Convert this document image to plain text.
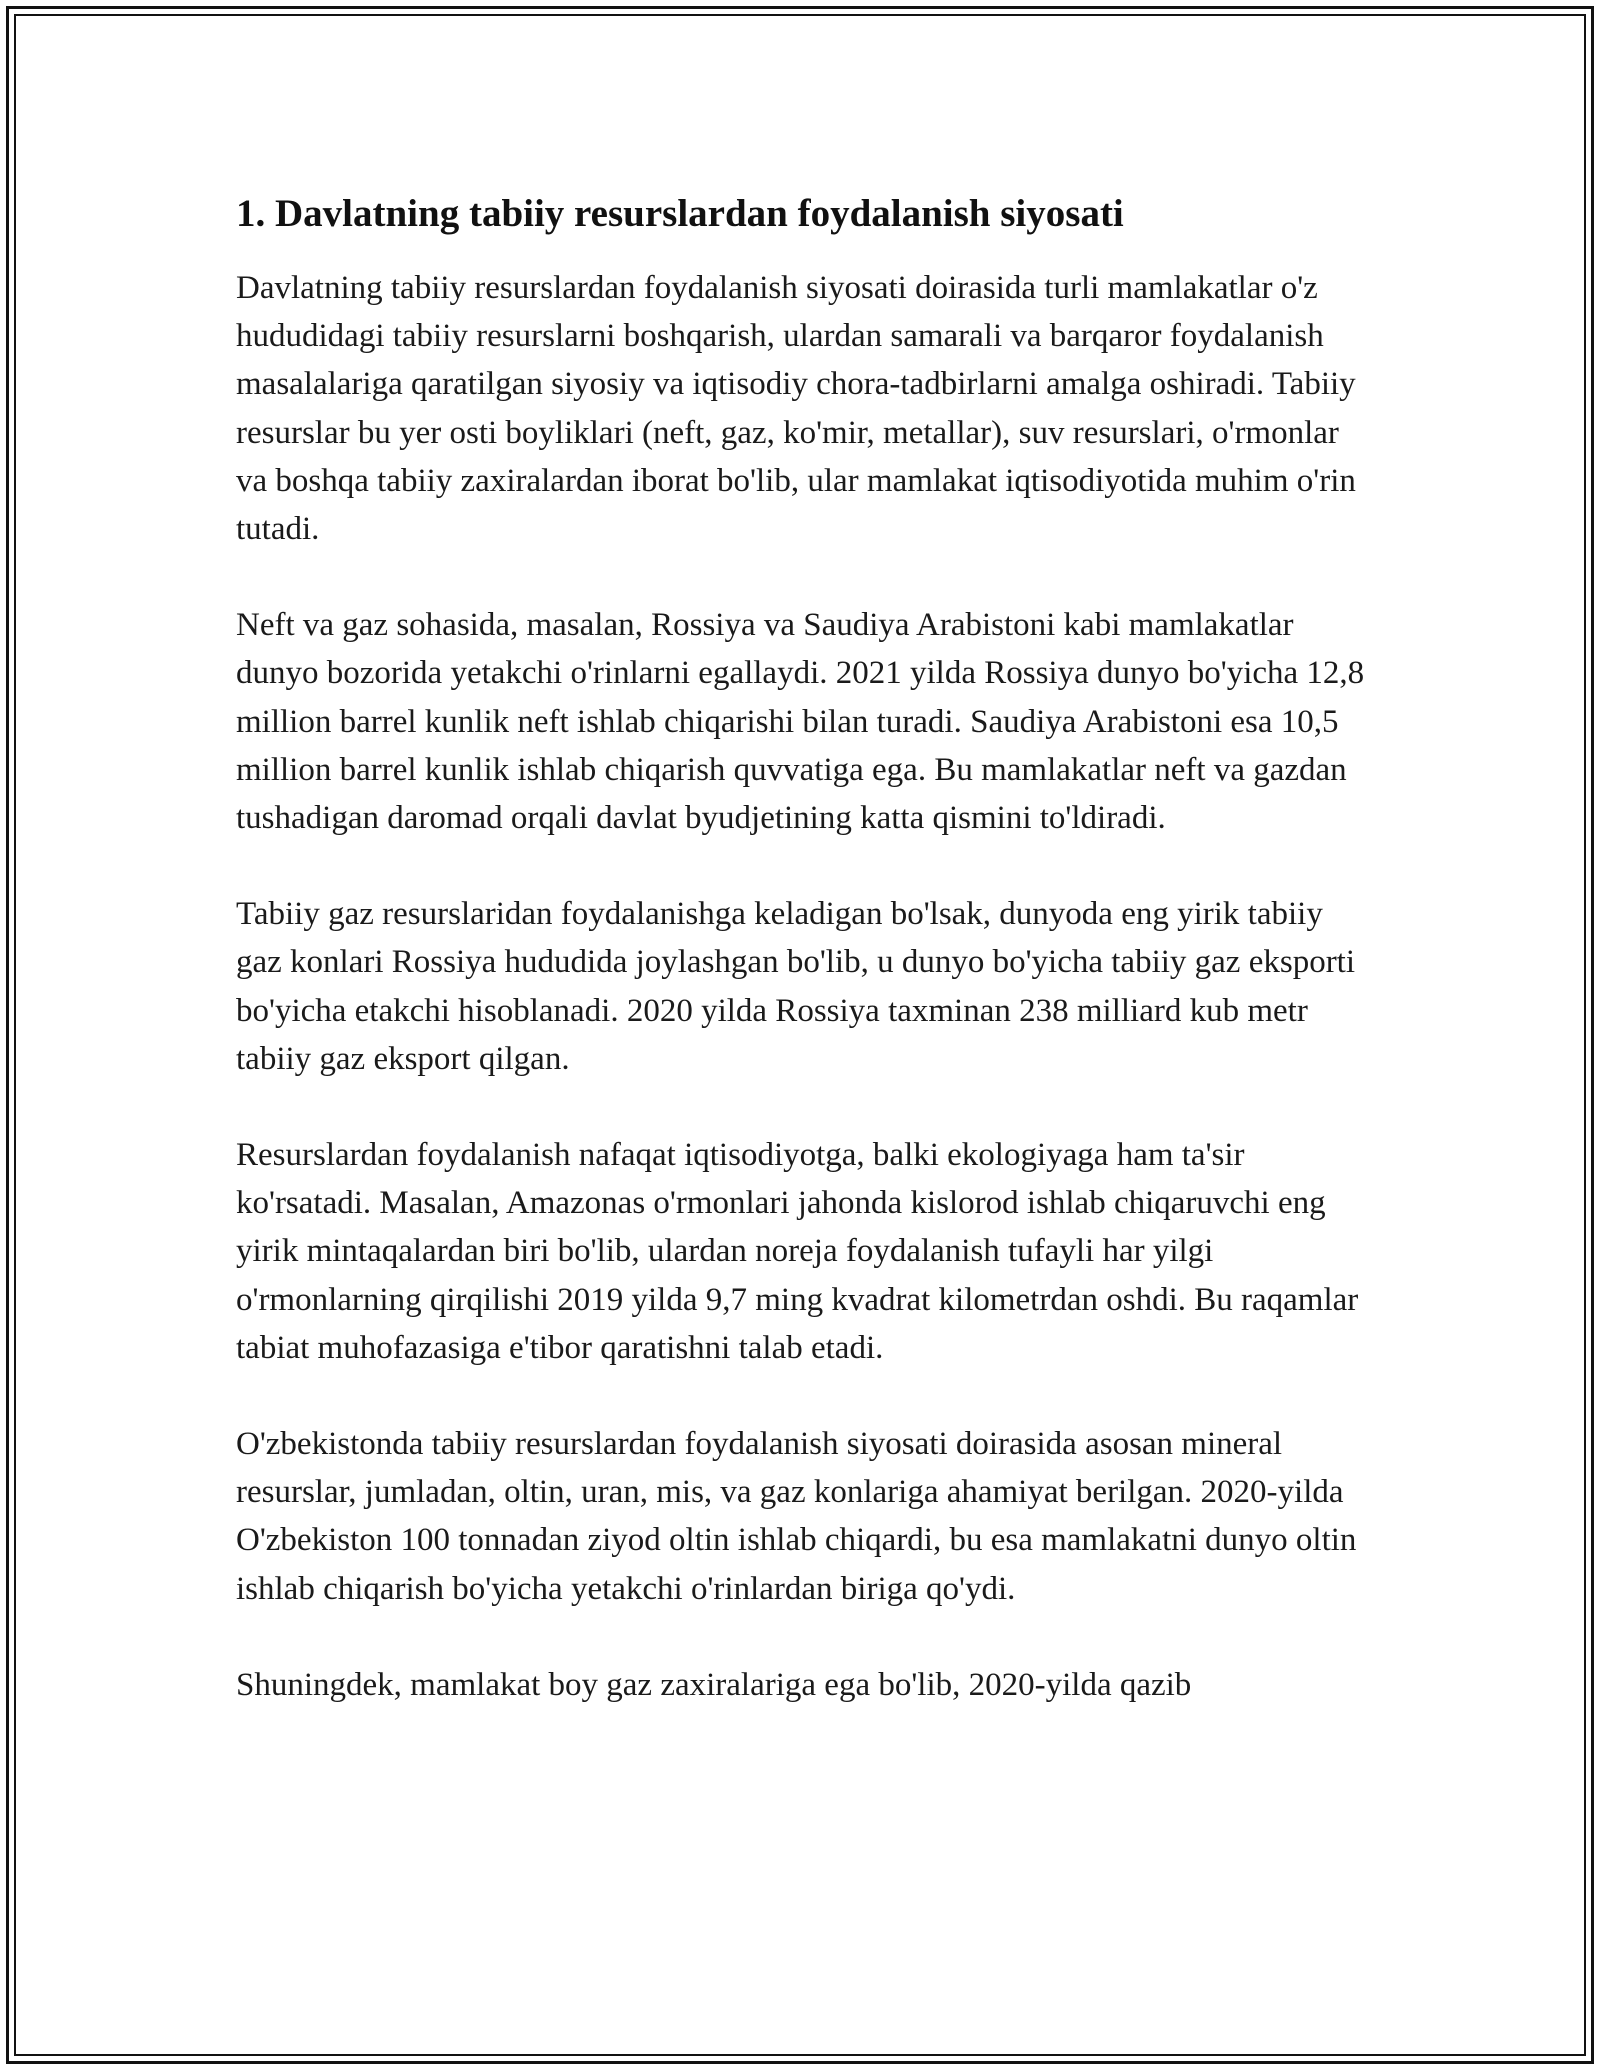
1. Davlatning tabiiy resurslardan foydalanish siyosati

Davlatning tabiiy resurslardan foydalanish siyosati doirasida turli mamlakatlar o'z hududidagi tabiiy resurslarni boshqarish, ulardan samarali va barqaror foydalanish masalalariga qaratilgan siyosiy va iqtisodiy chora-tadbirlarni amalga oshiradi. Tabiiy resurslar bu yer osti boyliklari (neft, gaz, ko'mir, metallar), suv resurslari, o'rmonlar va boshqa tabiiy zaxiralardan iborat bo'lib, ular mamlakat iqtisodiyotida muhim o'rin tutadi.

Neft va gaz sohasida, masalan, Rossiya va Saudiya Arabistoni kabi mamlakatlar dunyo bozorida yetakchi o'rinlarni egallaydi. 2021 yilda Rossiya dunyo bo'yicha 12,8 million barrel kunlik neft ishlab chiqarishi bilan turadi. Saudiya Arabistoni esa 10,5 million barrel kunlik ishlab chiqarish quvvatiga ega. Bu mamlakatlar neft va gazdan tushadigan daromad orqali davlat byudjetining katta qismini to'ldiradi.

Tabiiy gaz resurslaridan foydalanishga keladigan bo'lsak, dunyoda eng yirik tabiiy gaz konlari Rossiya hududida joylashgan bo'lib, u dunyo bo'yicha tabiiy gaz eksporti bo'yicha etakchi hisoblanadi. 2020 yilda Rossiya taxminan 238 milliard kub metr tabiiy gaz eksport qilgan.

Resurslardan foydalanish nafaqat iqtisodiyotga, balki ekologiyaga ham ta'sir ko'rsatadi. Masalan, Amazonas o'rmonlari jahonda kislorod ishlab chiqaruvchi eng yirik mintaqalardan biri bo'lib, ulardan noreja foydalanish tufayli har yilgi o'rmonlarning qirqilishi 2019 yilda 9,7 ming kvadrat kilometrdan oshdi. Bu raqamlar tabiat muhofazasiga e'tibor qaratishni talab etadi.

O'zbekistonda tabiiy resurslardan foydalanish siyosati doirasida asosan mineral resurslar, jumladan, oltin, uran, mis, va gaz konlariga ahamiyat berilgan. 2020-yilda O'zbekiston 100 tonnadan ziyod oltin ishlab chiqardi, bu esa mamlakatni dunyo oltin ishlab chiqarish bo'yicha yetakchi o'rinlardan biriga qo'ydi.

Shuningdek, mamlakat boy gaz zaxiralariga ega bo'lib, 2020-yilda qazib
